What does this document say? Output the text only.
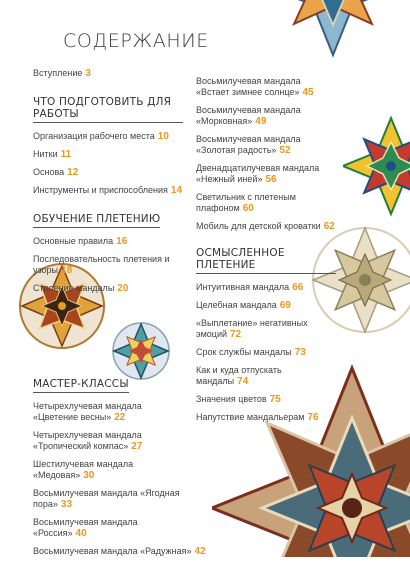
СОДЕРЖАНИЕ
Вступление 3
ЧТО ПОДГОТОВИТЬ ДЛЯ РАБОТЫ
Организация рабочего места 10
Нитки 11
Основа 12
Инструменты и приспособления 14
ОБУЧЕНИЕ ПЛЕТЕНИЮ
Основные правила 16
Последовательность плетения и узоры 18
Строение мандалы 20
МАСТЕР-КЛАССЫ
Четырехлучевая мандала «Цветение весны» 22
Четырехлучевая мандала «Тропический компас» 27
Шестилучевая мандала «Медовая» 30
Восьмилучевая мандала «Ягодная пора» 33
Восьмилучевая мандала «Россия» 40
Восьмилучевая мандала «Радужная» 42
Восьмилучевая мандала «Встает зимнее солнце» 45
Восьмилучевая мандала «Морковная» 49
Восьмилучевая мандала «Золотая радость» 52
Двенадцатилучевая мандала «Нежный иней» 56
Светильник с плетеным плафоном 60
Мобиль для детской кроватки 62
ОСМЫСЛЕННОЕ ПЛЕТЕНИЕ
Интуитивная мандала 66
Целебная мандала 69
«Выплетание» негативных эмоций 72
Срок службы мандалы 73
Как и куда отпускать мандалы 74
Значения цветов 75
Напутствие мандальерам 76
